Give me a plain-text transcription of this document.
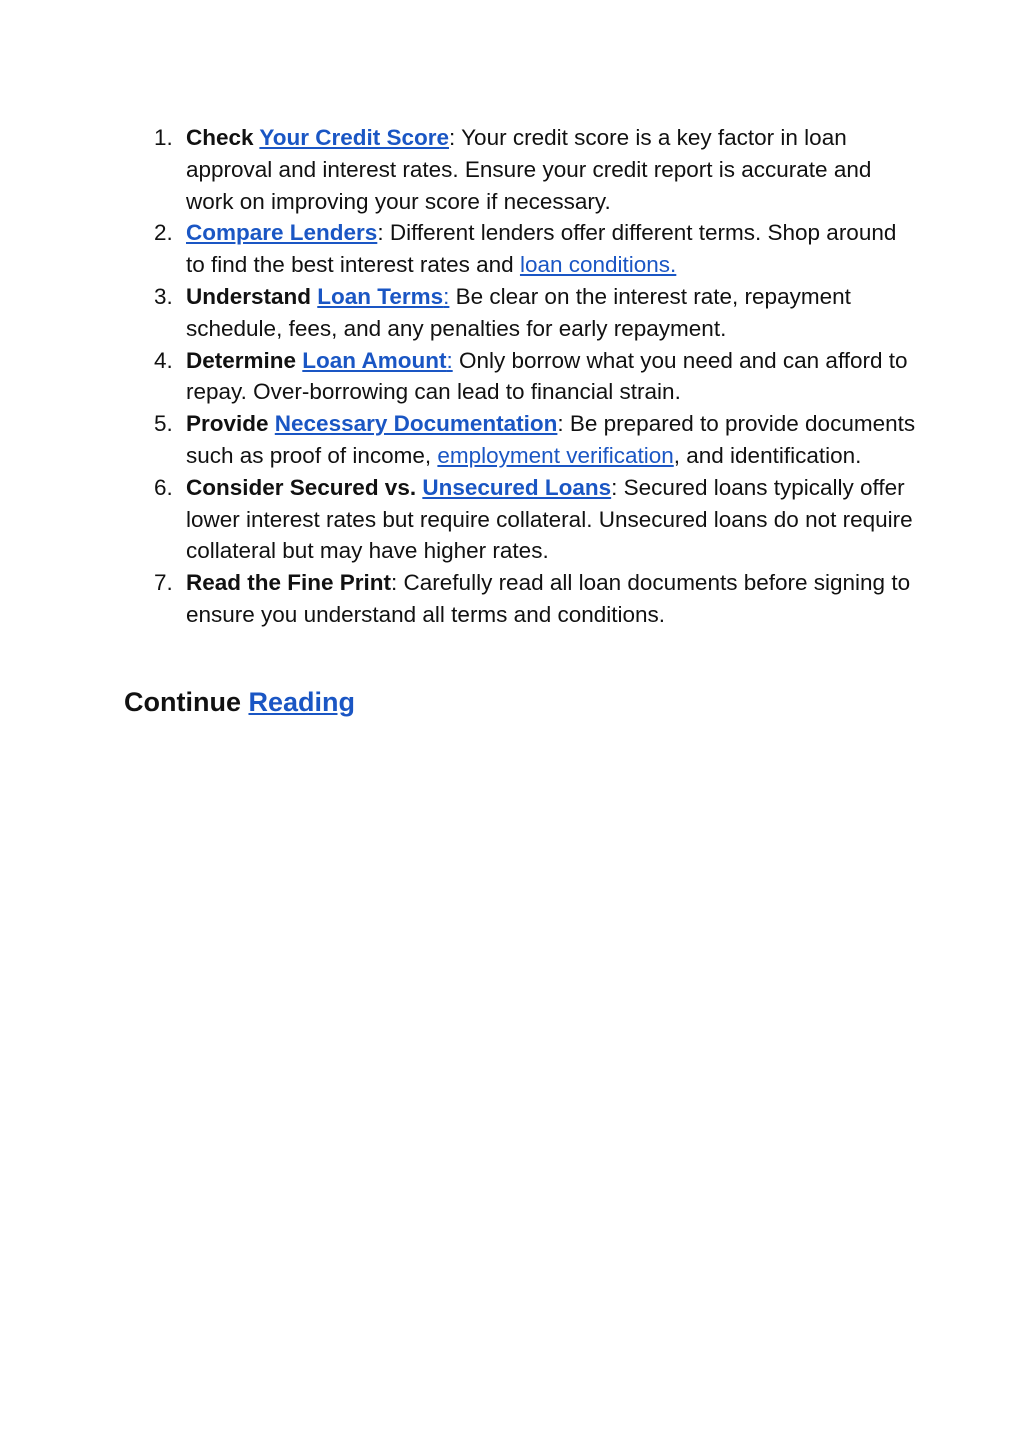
1. Check Your Credit Score: Your credit score is a key factor in loan approval and interest rates. Ensure your credit report is accurate and work on improving your score if necessary.
2. Compare Lenders: Different lenders offer different terms. Shop around to find the best interest rates and loan conditions.
3. Understand Loan Terms: Be clear on the interest rate, repayment schedule, fees, and any penalties for early repayment.
4. Determine Loan Amount: Only borrow what you need and can afford to repay. Over-borrowing can lead to financial strain.
5. Provide Necessary Documentation: Be prepared to provide documents such as proof of income, employment verification, and identification.
6. Consider Secured vs. Unsecured Loans: Secured loans typically offer lower interest rates but require collateral. Unsecured loans do not require collateral but may have higher rates.
7. Read the Fine Print: Carefully read all loan documents before signing to ensure you understand all terms and conditions.
Continue Reading
